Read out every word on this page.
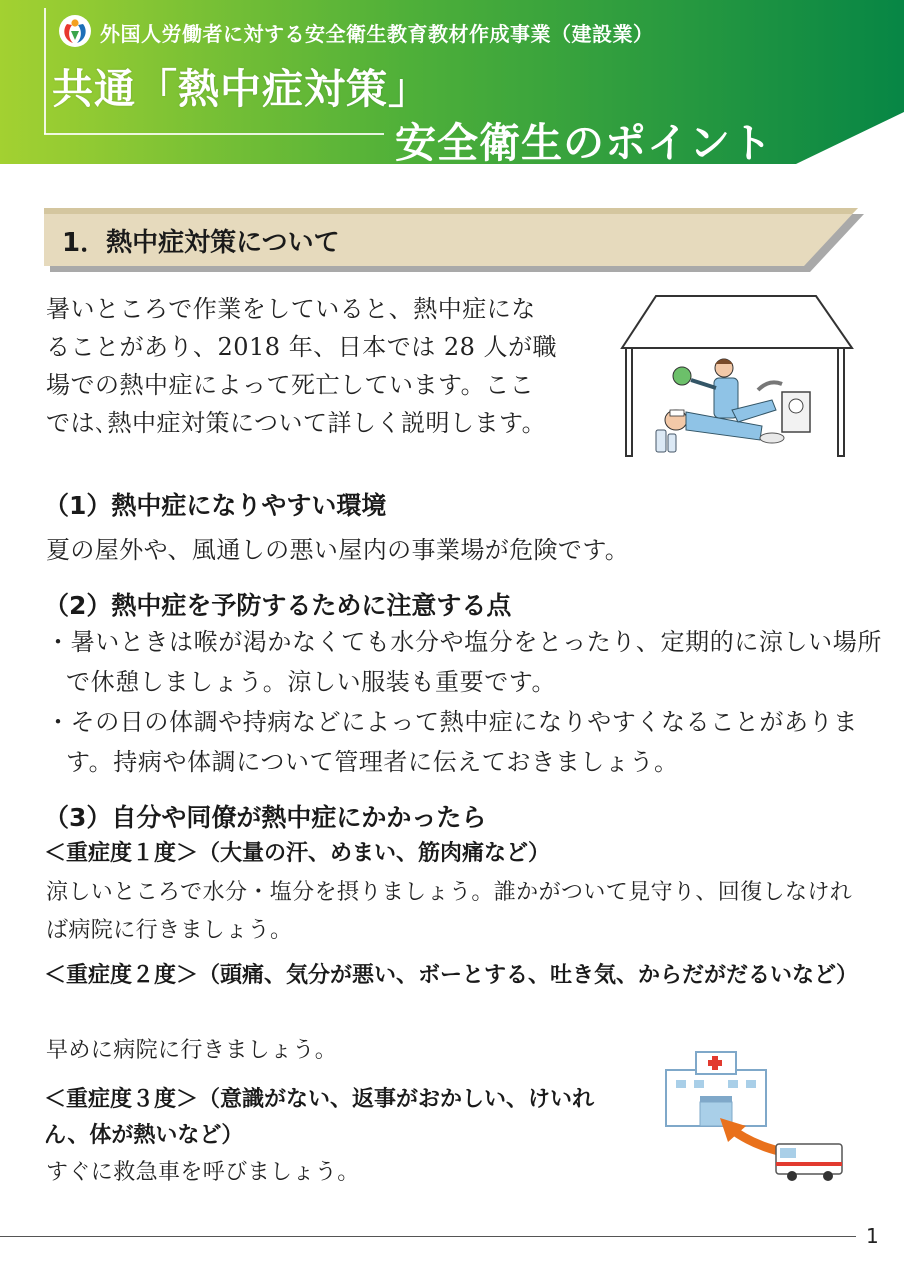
外国人労働者に対する安全衛生教育教材作成事業（建設業）
共通「熱中症対策」
安全衛生のポイント
1．熱中症対策について
暑いところで作業をしていると、熱中症にな
ることがあり、2018 年、日本では 28 人が職
場での熱中症によって死亡しています。ここ
では､熱中症対策について詳しく説明します。
（1）熱中症になりやすい環境
夏の屋外や、風通しの悪い屋内の事業場が危険です。
（2）熱中症を予防するために注意する点
・暑いときは喉が渇かなくても水分や塩分をとったり、定期的に涼しい場所で休憩しましょう。涼しい服装も重要です。
・その日の体調や持病などによって熱中症になりやすくなることがあります。持病や体調について管理者に伝えておきましょう。
（3）自分や同僚が熱中症にかかったら
＜重症度１度＞（大量の汗、めまい、筋肉痛など）
涼しいところで水分・塩分を摂りましょう。誰かがついて見守り、回復しなければ病院に行きましょう。
＜重症度２度＞（頭痛、気分が悪い、ボーとする、吐き気、からだがだるいなど）
早めに病院に行きましょう。
＜重症度３度＞（意識がない、返事がおかしい、けいれん、体が熱いなど）
すぐに救急車を呼びましょう。
1
